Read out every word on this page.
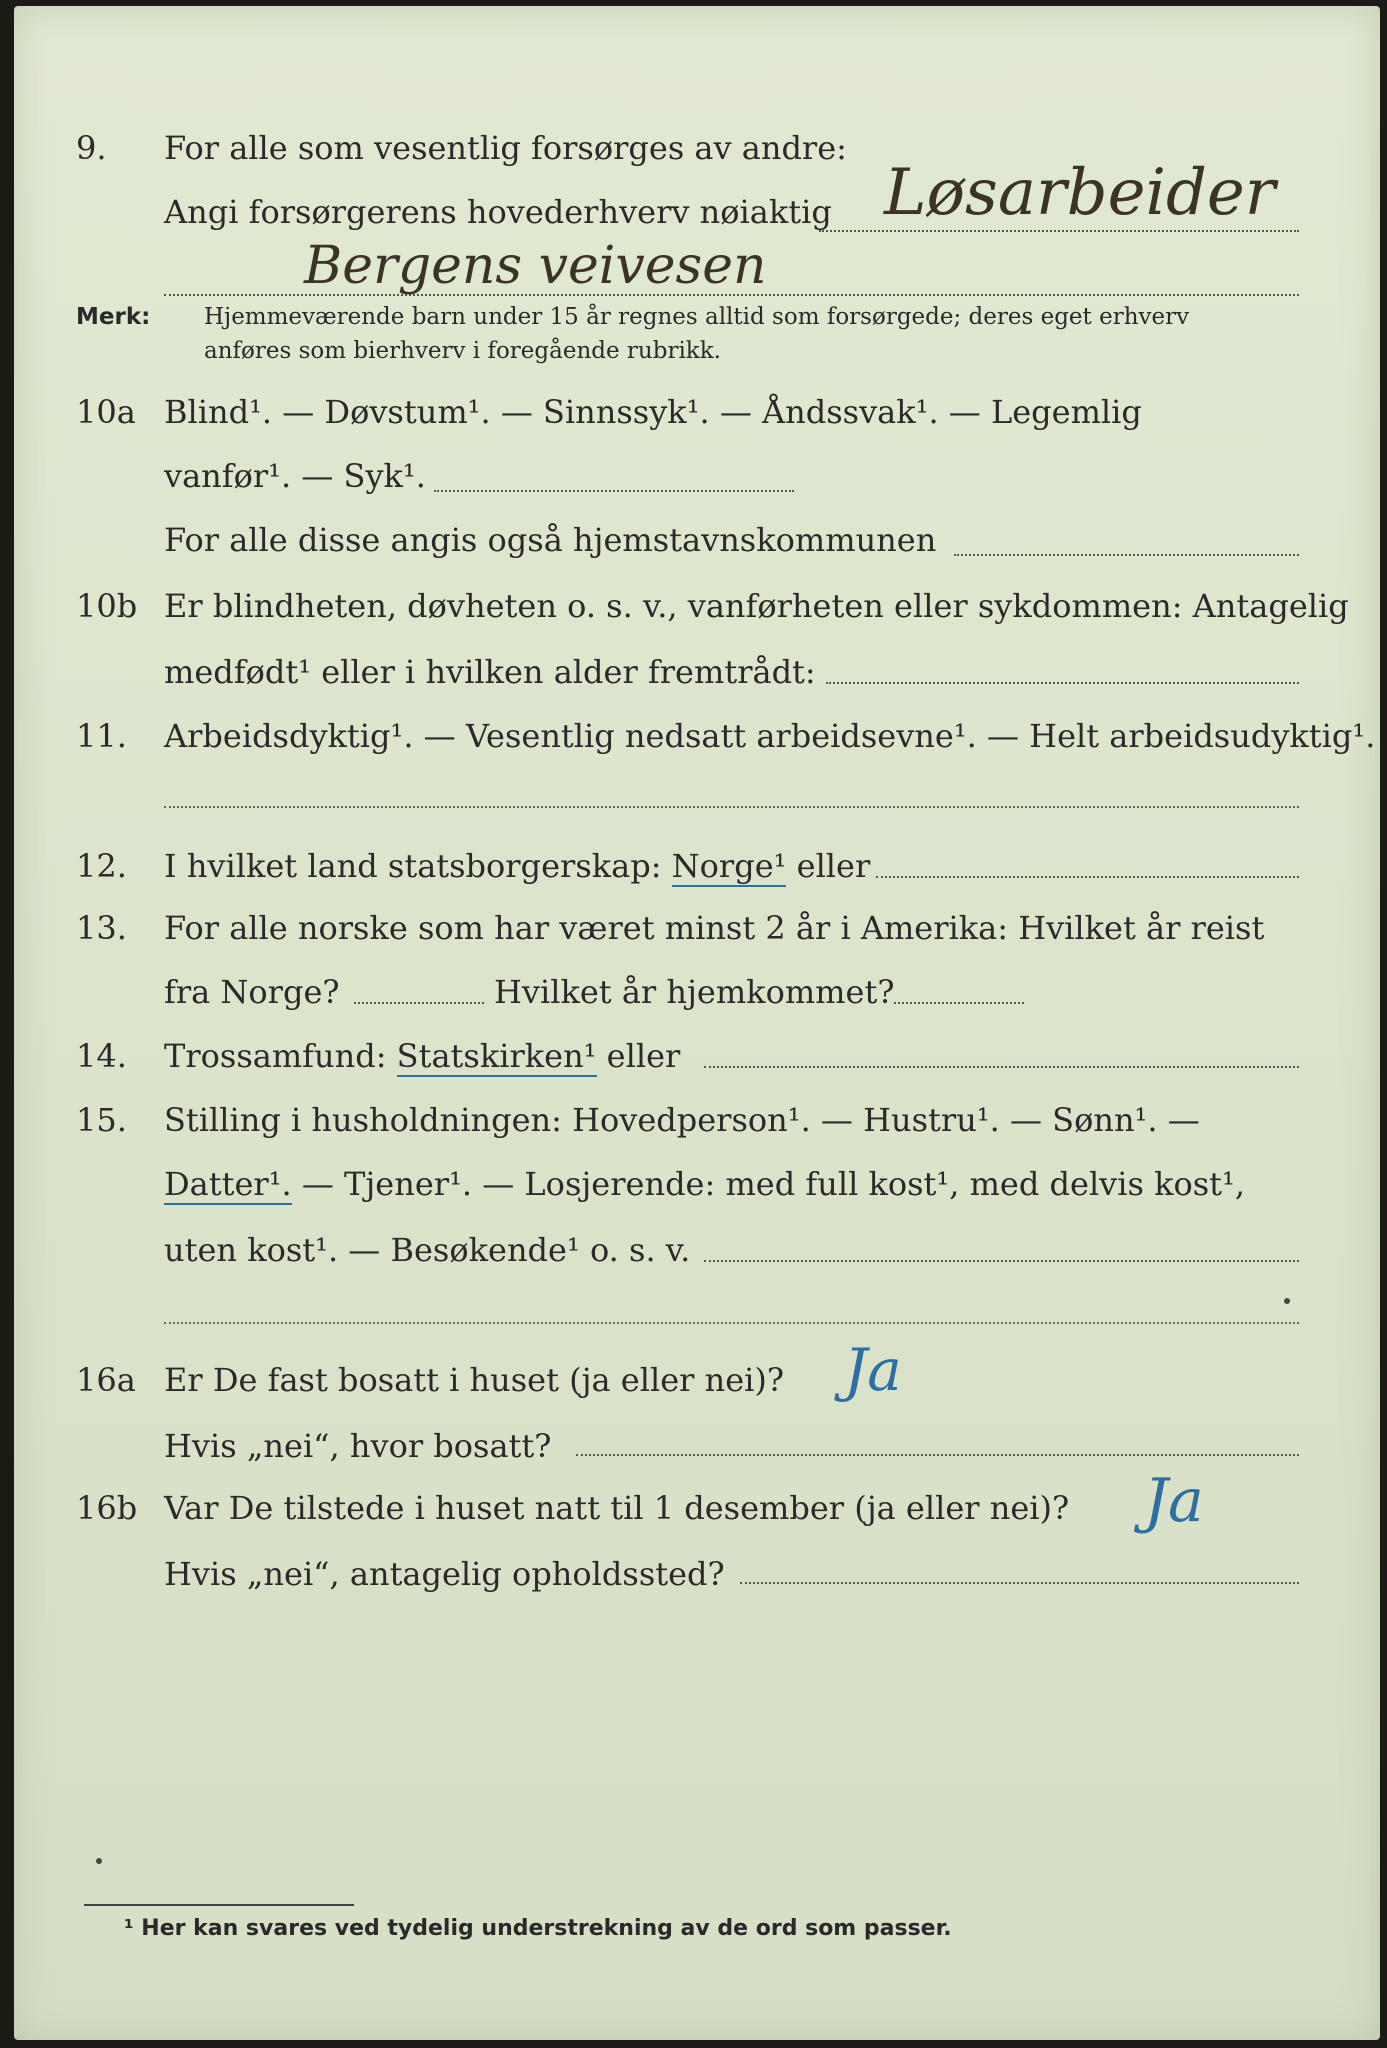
9.	For alle som vesentlig forsørges av andre:
Løsarbeider
Angi forsørgerens hovederhverv nøiaktig
Bergens veivesen
Merk: Hjemmeværende barn under 15 år regnes alltid som forsørgede; deres eget erhverv
anføres som bierhverv i foregående rubrikk.
10a Blind¹. — Døvstum¹. — Sinnssyk¹. — Åndssvak¹. — Legemlig
vanfør¹. — Syk¹.
For alle disse angis også hjemstavnskommunen
10b Er blindheten, døvheten o. s. v., vanførheten eller sykdommen: Antagelig
medfødt¹ eller i hvilken alder fremtrådt:
11.	Arbeidsdyktig¹. — Vesentlig nedsatt arbeidsevne¹. — Helt arbeidsudyktig¹.
12.	I hvilket land statsborgerskap: Norge¹ eller
13.	For alle norske som har været minst 2 år i Amerika: Hvilket år reist
fra Norge?	Hvilket år hjemkommet?
14.	Trossamfund: Statskirken¹ eller
15.	Stilling i husholdningen: Hovedperson¹. — Hustru¹. — Sønn¹. —
Datter¹. — Tjener¹. — Losjerende: med full kost¹, med delvis kost¹,
uten kost¹. — Besøkende¹ o. s. v.
16a Er De fast bosatt i huset (ja eller nei)? Ja
Hvis „nei“, hvor bosatt?
16b Var De tilstede i huset natt til 1 desember (ja eller nei)? Ja
Hvis „nei“, antagelig opholdssted?
¹ Her kan svares ved tydelig understrekning av de ord som passer.
